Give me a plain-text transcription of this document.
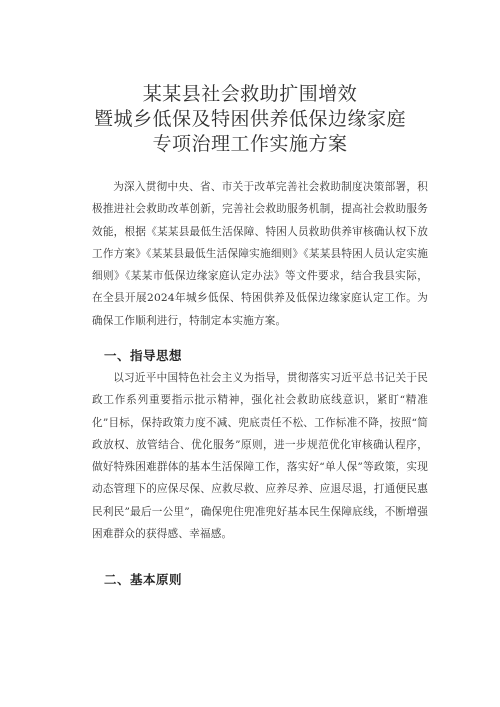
某某县社会救助扩围增效
暨城乡低保及特困供养低保边缘家庭
专项治理工作实施方案
为深入贯彻中央、省、市关于改革完善社会救助制度决策部署，积极推进社会救助改革创新，完善社会救助服务机制，提高社会救助服务效能，根据《某某县最低生活保障、特困人员救助供养审核确认权下放工作方案》《某某县最低生活保障实施细则》《某某县特困人员认定实施细则》《某某市低保边缘家庭认定办法》等文件要求，结合我县实际，在全县开展2024年城乡低保、特困供养及低保边缘家庭认定工作。为确保工作顺利进行，特制定本实施方案。
一、指导思想
以习近平中国特色社会主义为指导，贯彻落实习近平总书记关于民政工作系列重要指示批示精神，强化社会救助底线意识，紧盯“精准化”目标，保持政策力度不减、兜底责任不松、工作标准不降，按照“简政放权、放管结合、优化服务”原则，进一步规范优化审核确认程序，做好特殊困难群体的基本生活保障工作，落实好“单人保”等政策，实现动态管理下的应保尽保、应救尽救、应养尽养、应退尽退，打通便民惠民利民”最后一公里”，确保兜住兜准兜好基本民生保障底线，不断增强困难群众的获得感、幸福感。
二、基本原则
